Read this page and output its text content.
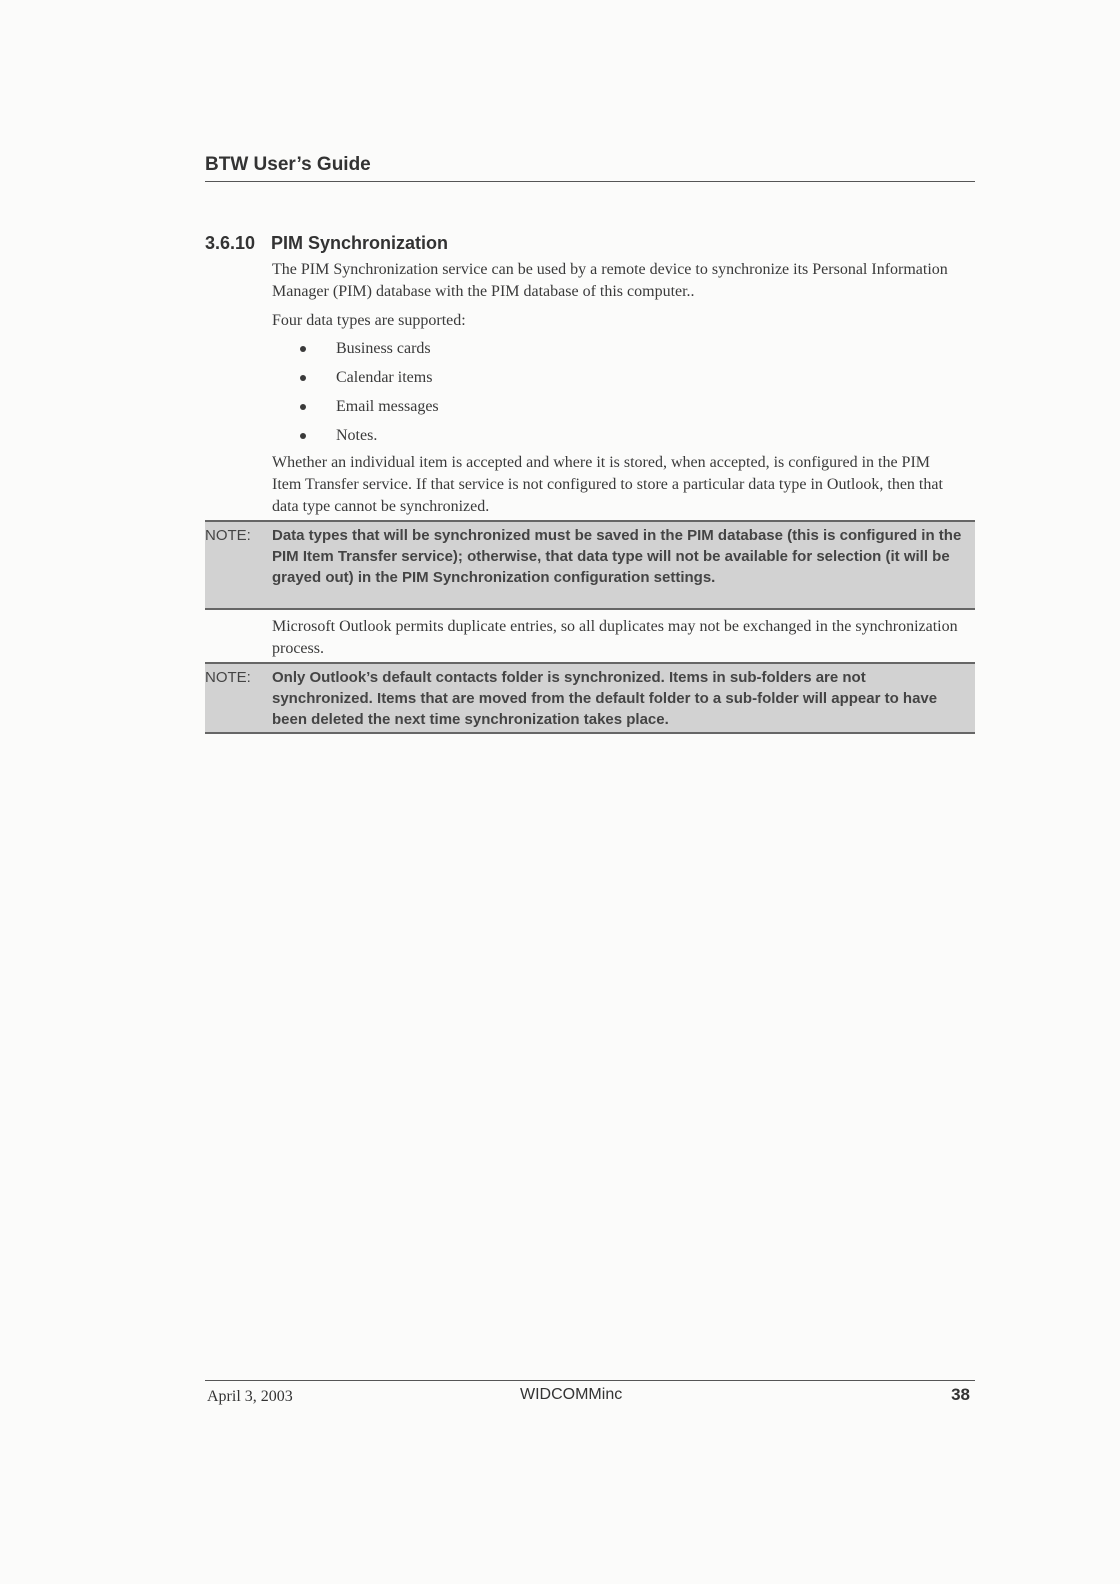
BTW User’s Guide
3.6.10 PIM Synchronization
The PIM Synchronization service can be used by a remote device to synchronize its Personal Information Manager (PIM) database with the PIM database of this computer..
Four data types are supported:
Business cards
Calendar items
Email messages
Notes.
Whether an individual item is accepted and where it is stored, when accepted, is configured in the PIM Item Transfer service. If that service is not configured to store a particular data type in Outlook, then that data type cannot be synchronized.
NOTE: Data types that will be synchronized must be saved in the PIM database (this is configured in the PIM Item Transfer service); otherwise, that data type will not be available for selection (it will be grayed out) in the PIM Synchronization configuration settings.
Microsoft Outlook permits duplicate entries, so all duplicates may not be exchanged in the synchronization process.
NOTE: Only Outlook’s default contacts folder is synchronized. Items in sub-folders are not synchronized. Items that are moved from the default folder to a sub-folder will appear to have been deleted the next time synchronization takes place.
April 3, 2003	WIDCOMMinc	38
